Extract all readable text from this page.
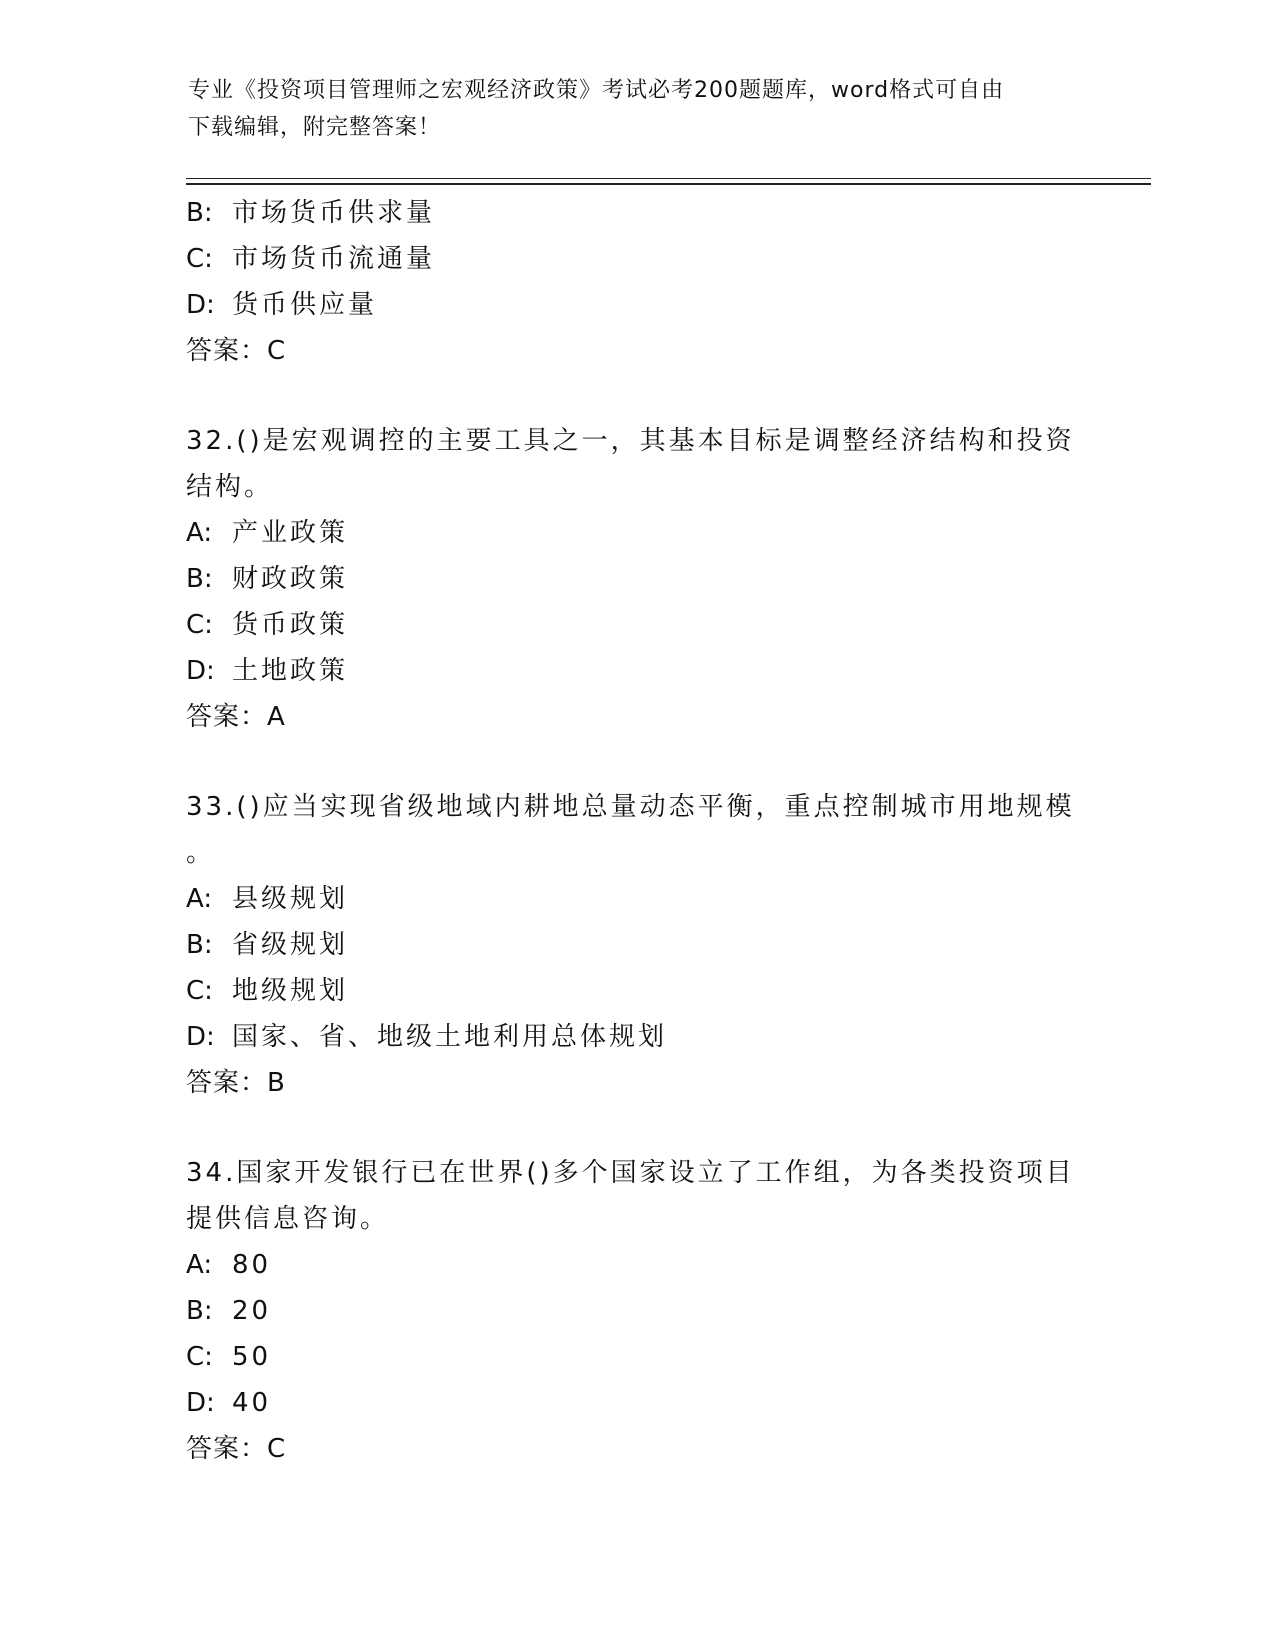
专业《投资项目管理师之宏观经济政策》考试必考200题题库，word格式可自由
下载编辑，附完整答案！
B: 市场货币供求量
C: 市场货币流通量
D: 货币供应量
答案：C
32.()是宏观调控的主要工具之一，其基本目标是调整经济结构和投资
结构。
A: 产业政策
B: 财政政策
C: 货币政策
D: 土地政策
答案：A
33.()应当实现省级地域内耕地总量动态平衡，重点控制城市用地规模
。
A: 县级规划
B: 省级规划
C: 地级规划
D: 国家、省、地级土地利用总体规划
答案：B
34.国家开发银行已在世界()多个国家设立了工作组，为各类投资项目
提供信息咨询。
A: 80
B: 20
C: 50
D: 40
答案：C
